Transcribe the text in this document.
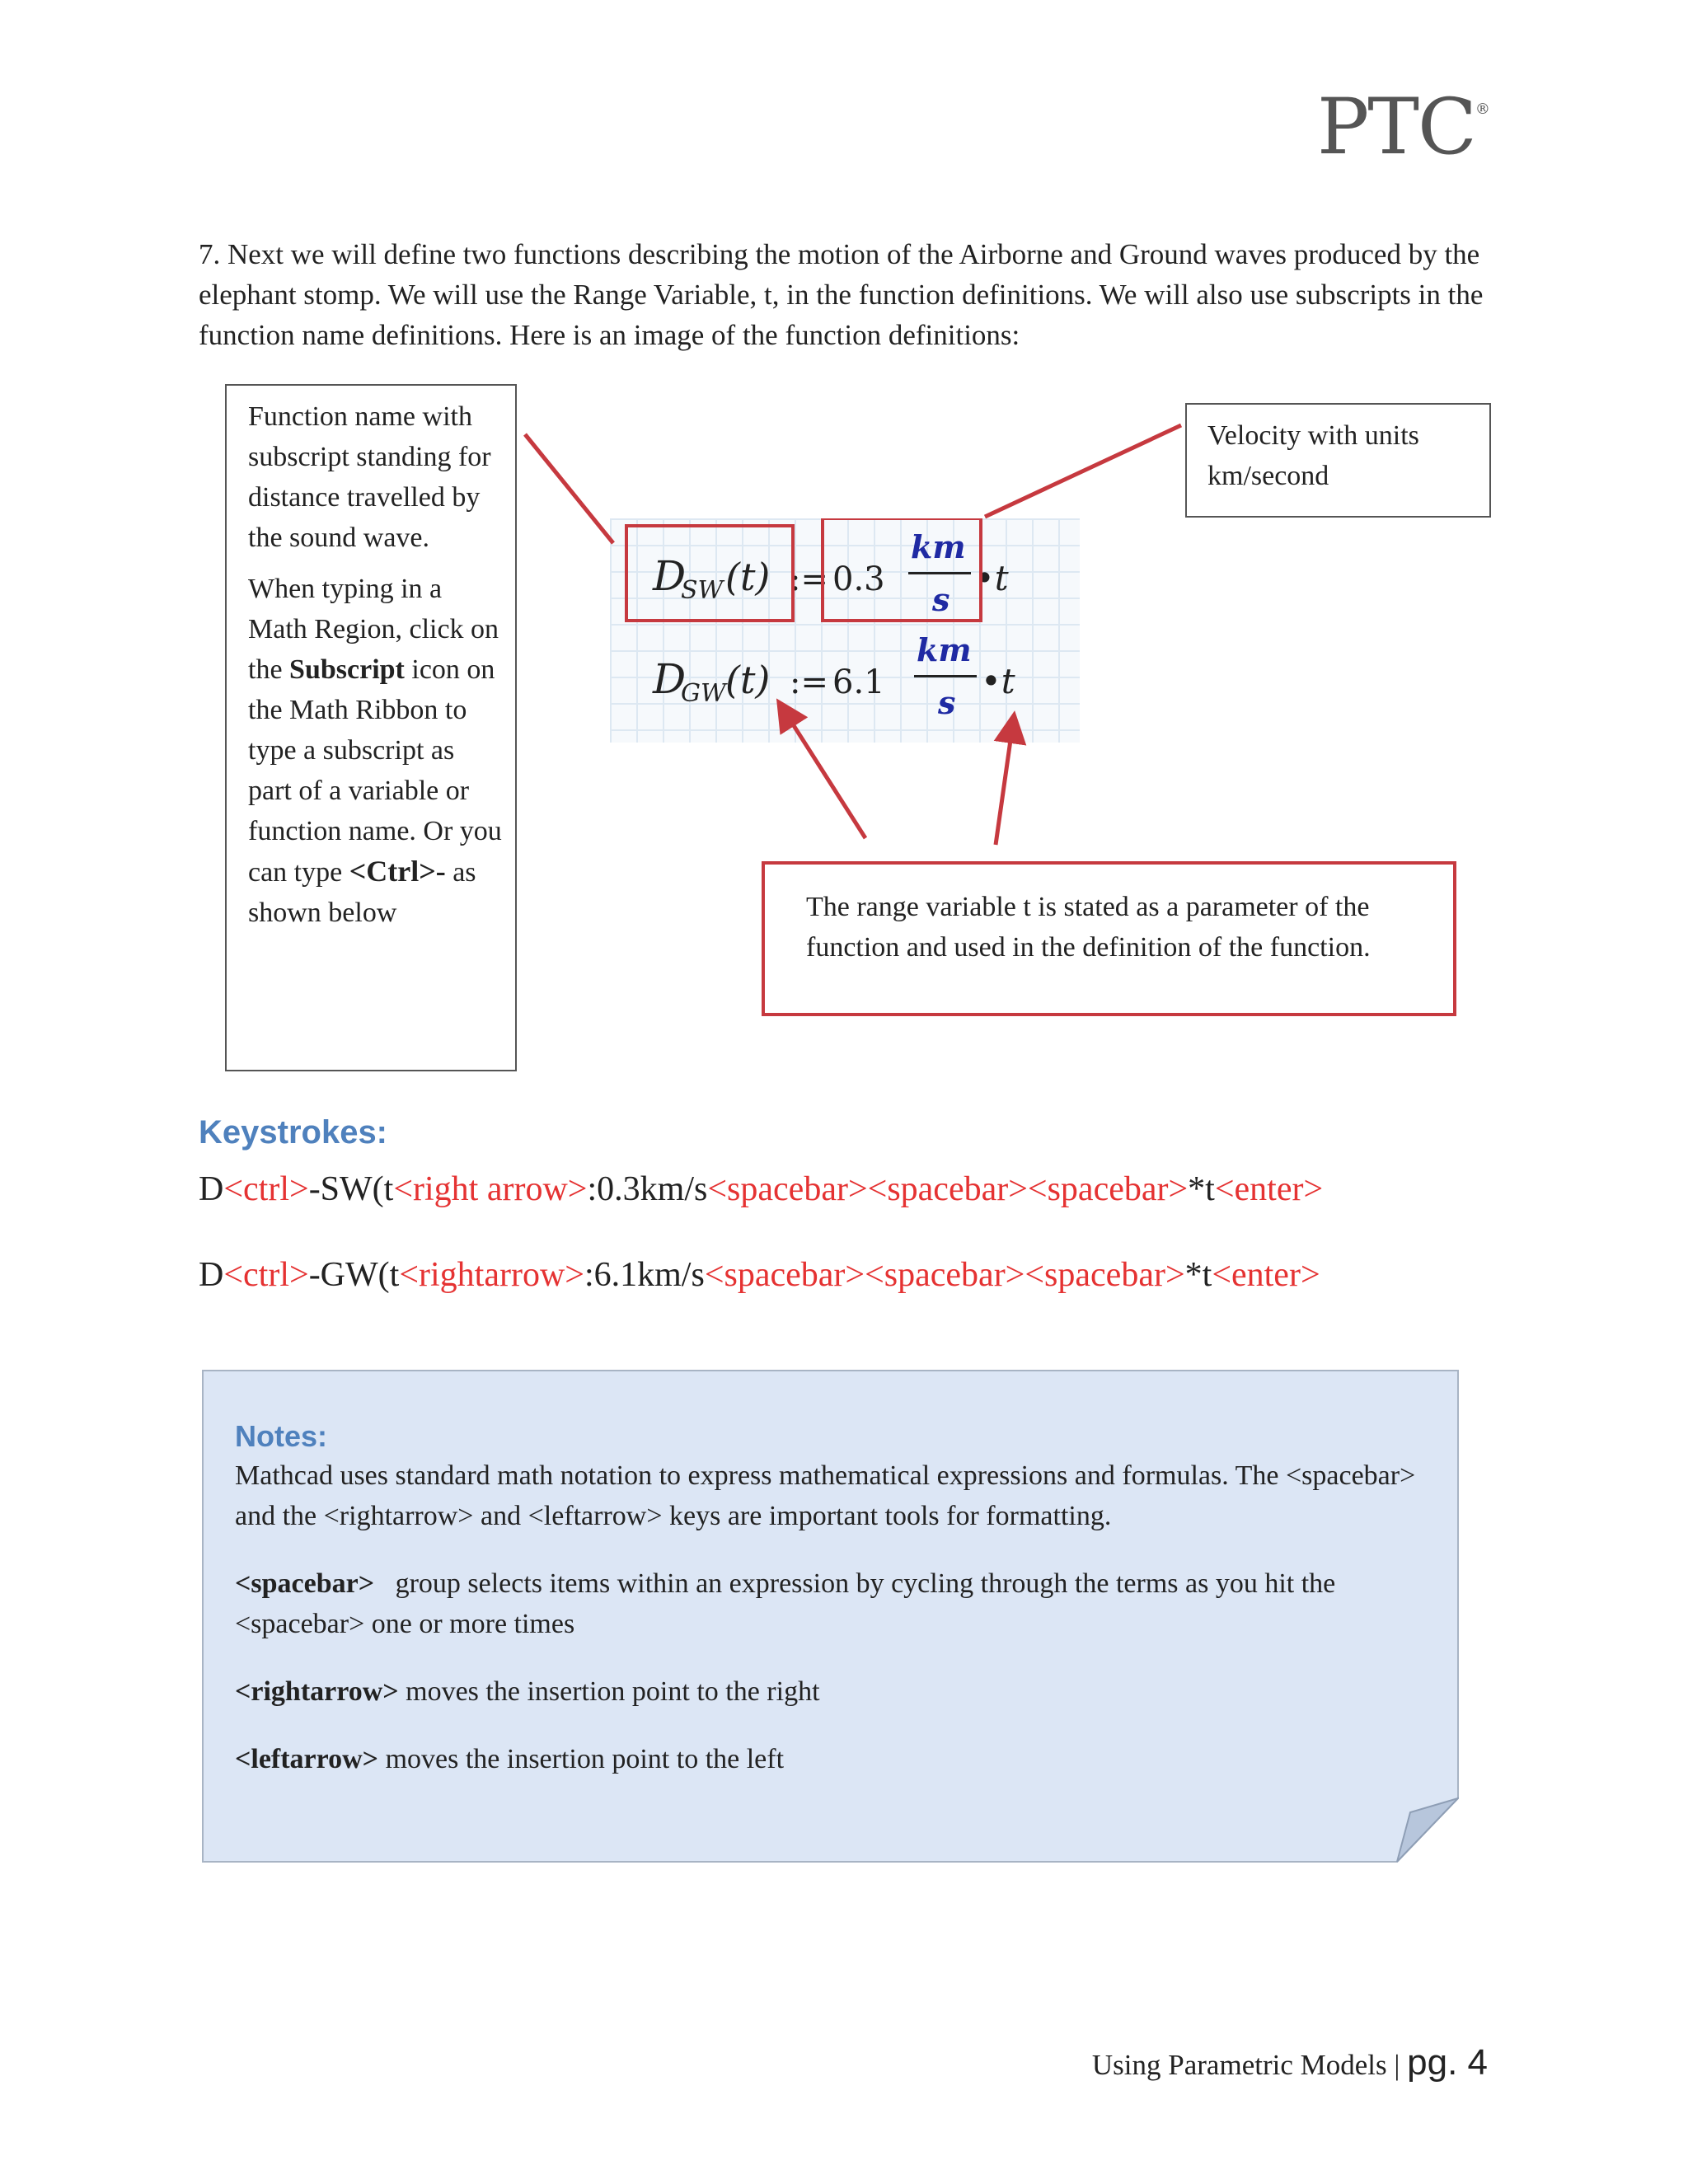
PTC®
7. Next we will define two functions describing the motion of the Airborne and Ground waves produced by the elephant stomp. We will use the Range Variable, t, in the function definitions. We will also use subscripts in the function name definitions. Here is an image of the function definitions:

Function name with subscript standing for distance travelled by the sound wave.

When typing in a Math Region, click on the Subscript icon on the Math Ribbon to type a subscript as part of a variable or function name. Or you can type <Ctrl>- as shown below

Velocity with units km/second
D
SW (t) := 0.3
km
s
•t
D
GW (t) := 6.1
km
s
•t
The range variable t is stated as a parameter of the function and used in the definition of the function.
Keystrokes:
D<ctrl>-SW(t<right arrow>:0.3km/s<spacebar><spacebar><spacebar>*t<enter>
D<ctrl>-GW(t<rightarrow>:6.1km/s<spacebar><spacebar><spacebar>*t<enter>
Notes:

Mathcad uses standard math notation to express mathematical expressions and formulas. The <spacebar> and the <rightarrow> and <leftarrow> keys are important tools for formatting.

<spacebar>   group selects items within an expression by cycling through the terms as you hit the <spacebar> one or more times

<rightarrow> moves the insertion point to the right

<leftarrow> moves the insertion point to the left

Using Parametric Models | pg. 4
